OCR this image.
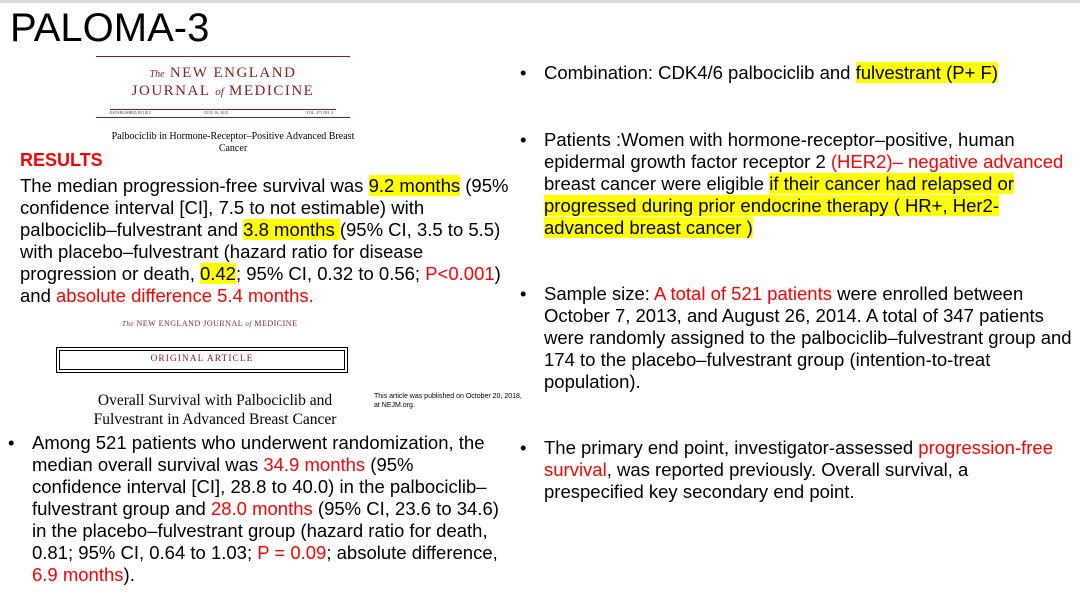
PALOMA-3
The NEW ENGLAND
JOURNAL of MEDICINE
ESTABLISHED IN 1812	JULY 16, 2015	VOL. 373 NO. 3
Palbociclib in Hormone-Receptor–Positive Advanced Breast Cancer
RESULTS
The median progression-free survival was 9.2 months (95% confidence interval [CI], 7.5 to not estimable) with palbociclib–fulvestrant and 3.8 months (95% CI, 3.5 to 5.5) with placebo–fulvestrant (hazard ratio for disease progression or death, 0.42; 95% CI, 0.32 to 0.56; P<0.001) and absolute difference 5.4 months.
The NEW ENGLAND JOURNAL of MEDICINE
ORIGINAL ARTICLE
Overall Survival with Palbociclib and Fulvestrant in Advanced Breast Cancer
This article was published on October 20, 2018, at NEJM.org.
• Among 521 patients who underwent randomization, the median overall survival was 34.9 months (95% confidence interval [CI], 28.8 to 40.0) in the palbociclib– fulvestrant group and 28.0 months (95% CI, 23.6 to 34.6) in the placebo–fulvestrant group (hazard ratio for death, 0.81; 95% CI, 0.64 to 1.03; P = 0.09; absolute difference, 6.9 months).
• Combination: CDK4/6 palbociclib and fulvestrant (P+ F)
• Patients :Women with hormone-receptor–positive, human epidermal growth factor receptor 2 (HER2)– negative advanced breast cancer were eligible if their cancer had relapsed or progressed during prior endocrine therapy ( HR+, Her2- advanced breast cancer )
• Sample size: A total of 521 patients were enrolled between October 7, 2013, and August 26, 2014. A total of 347 patients were randomly assigned to the palbociclib–fulvestrant group and 174 to the placebo–fulvestrant group (intention-to-treat population).
• The primary end point, investigator-assessed progression-free survival, was reported previously. Overall survival, a prespecified key secondary end point.
